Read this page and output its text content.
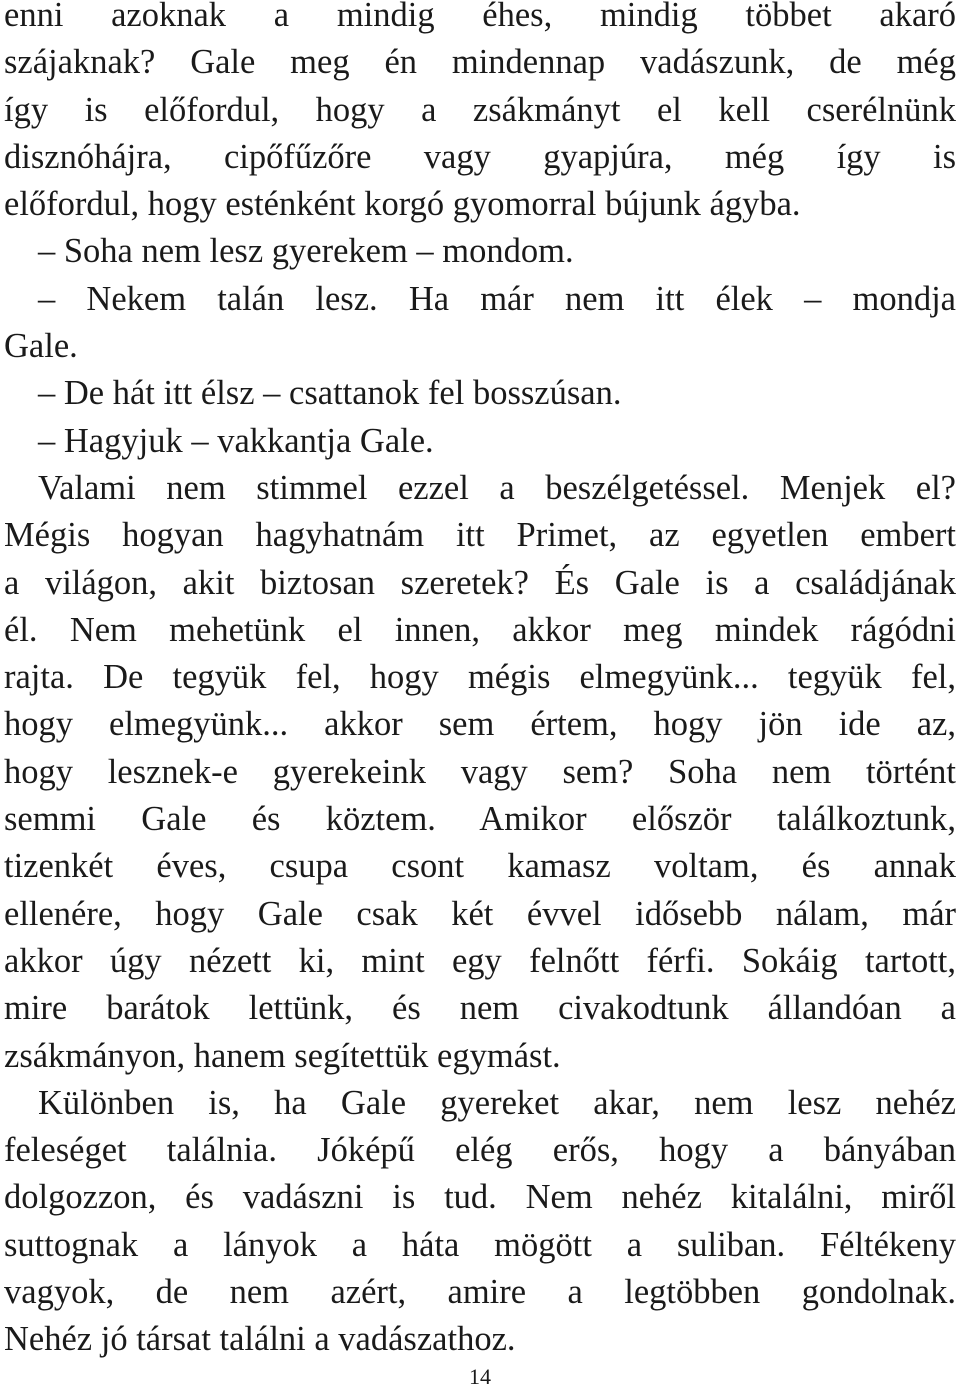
enni azoknak a mindig éhes, mindig többet akaró

szájaknak? Gale meg én mindennap vadászunk, de még

így is előfordul, hogy a zsákmányt el kell cserélnünk

disznóhájra, cipőfűzőre vagy gyapjúra, még így is

előfordul, hogy esténként korgó gyomorral bújunk ágyba.

– Soha nem lesz gyerekem – mondom.

– Nekem talán lesz. Ha már nem itt élek – mondja

Gale.

– De hát itt élsz – csattanok fel bosszúsan.

– Hagyjuk – vakkantja Gale.

Valami nem stimmel ezzel a beszélgetéssel. Menjek el?

Mégis hogyan hagyhatnám itt Primet, az egyetlen embert

a világon, akit biztosan szeretek? És Gale is a családjának

él. Nem mehetünk el innen, akkor meg mindek rágódni

rajta. De tegyük fel, hogy mégis elmegyünk... tegyük fel,

hogy elmegyünk... akkor sem értem, hogy jön ide az,

hogy lesznek-e gyerekeink vagy sem? Soha nem történt

semmi Gale és köztem. Amikor először találkoztunk,

tizenkét éves, csupa csont kamasz voltam, és annak

ellenére, hogy Gale csak két évvel idősebb nálam, már

akkor úgy nézett ki, mint egy felnőtt férfi. Sokáig tartott,

mire barátok lettünk, és nem civakodtunk állandóan a

zsákmányon, hanem segítettük egymást.

Különben is, ha Gale gyereket akar, nem lesz nehéz

feleséget találnia. Jóképű elég erős, hogy a bányában

dolgozzon, és vadászni is tud. Nem nehéz kitalálni, miről

suttognak a lányok a háta mögött a suliban. Féltékeny

vagyok, de nem azért, amire a legtöbben gondolnak.

Nehéz jó társat találni a vadászathoz.

14
